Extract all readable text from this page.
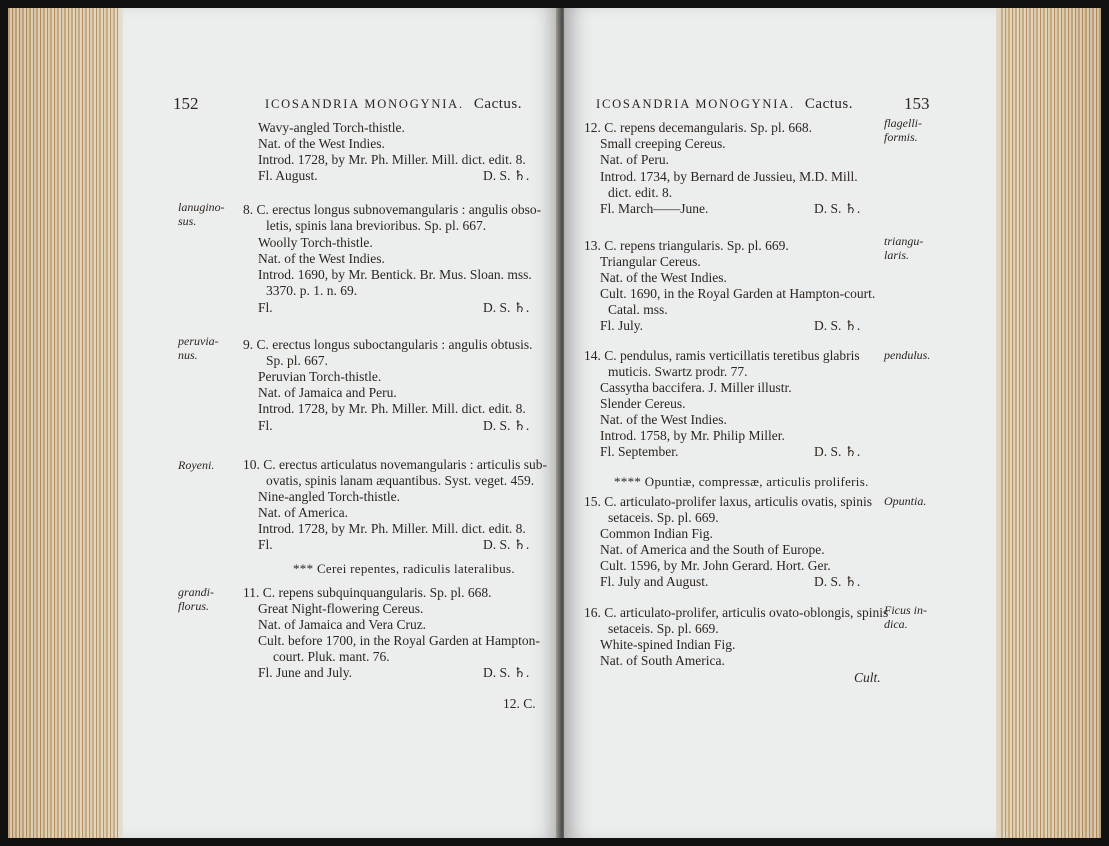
152	ICOSANDRIA MONOGYNIA. Cactus.
Wavy-angled Torch-thistle.
Nat. of the West Indies.
Introd. 1728, by Mr. Ph. Miller. Mill. dict. edit. 8.
Fl. August.	D. S. ♄.
lanugino-
sus.
8. C. erectus longus subnovemangularis : angulis obso-
letis, spinis lana brevioribus. Sp. pl. 667.
Woolly Torch-thistle.
Nat. of the West Indies.
Introd. 1690, by Mr. Bentick. Br. Mus. Sloan. mss.
3370. p. 1. n. 69.
Fl.	D. S. ♄.
peruvia-
nus.
9. C. erectus longus suboctangularis : angulis obtusis.
Sp. pl. 667.
Peruvian Torch-thistle.
Nat. of Jamaica and Peru.
Introd. 1728, by Mr. Ph. Miller. Mill. dict. edit. 8.
Fl.	D. S. ♄.
Royeni. 10. C. erectus articulatus novemangularis : articulis sub-
ovatis, spinis lanam æquantibus. Syst. veget. 459.
Nine-angled Torch-thistle.
Nat. of America.
Introd. 1728, by Mr. Ph. Miller. Mill. dict. edit. 8.
Fl.	D. S. ♄.
*** Cerei repentes, radiculis lateralibus.
grandi-
florus.
11. C. repens subquinquangularis. Sp. pl. 668.
Great Night-flowering Cereus.
Nat. of Jamaica and Vera Cruz.
Cult. before 1700, in the Royal Garden at Hampton-
court. Pluk. mant. 76.
Fl. June and July.	D. S. ♄.
12. C.
ICOSANDRIA MONOGYNIA. Cactus.	153
flagelli-
formis.
12. C. repens decemangularis. Sp. pl. 668.
Small creeping Cereus.
Nat. of Peru.
Introd. 1734, by Bernard de Jussieu, M.D. Mill.
dict. edit. 8.
Fl. March——June.	D. S. ♄.
triangu-
laris.
13. C. repens triangularis. Sp. pl. 669.
Triangular Cereus.
Nat. of the West Indies.
Cult. 1690, in the Royal Garden at Hampton-court.
Catal. mss.
Fl. July.	D. S. ♄.
pendulus.
14. C. pendulus, ramis verticillatis teretibus glabris
muticis. Swartz prodr. 77.
Cassytha baccifera. J. Miller illustr.
Slender Cereus.
Nat. of the West Indies.
Introd. 1758, by Mr. Philip Miller.
Fl. September.	D. S. ♄.
**** Opuntiæ, compressæ, articulis proliferis.
Opuntia.
15. C. articulato-prolifer laxus, articulis ovatis, spinis
setaceis. Sp. pl. 669.
Common Indian Fig.
Nat. of America and the South of Europe.
Cult. 1596, by Mr. John Gerard. Hort. Ger.
Fl. July and August.	D. S. ♄.
Ficus in-
dica.
16. C. articulato-prolifer, articulis ovato-oblongis, spinis
setaceis. Sp. pl. 669.
White-spined Indian Fig.
Nat. of South America.
Cult.
